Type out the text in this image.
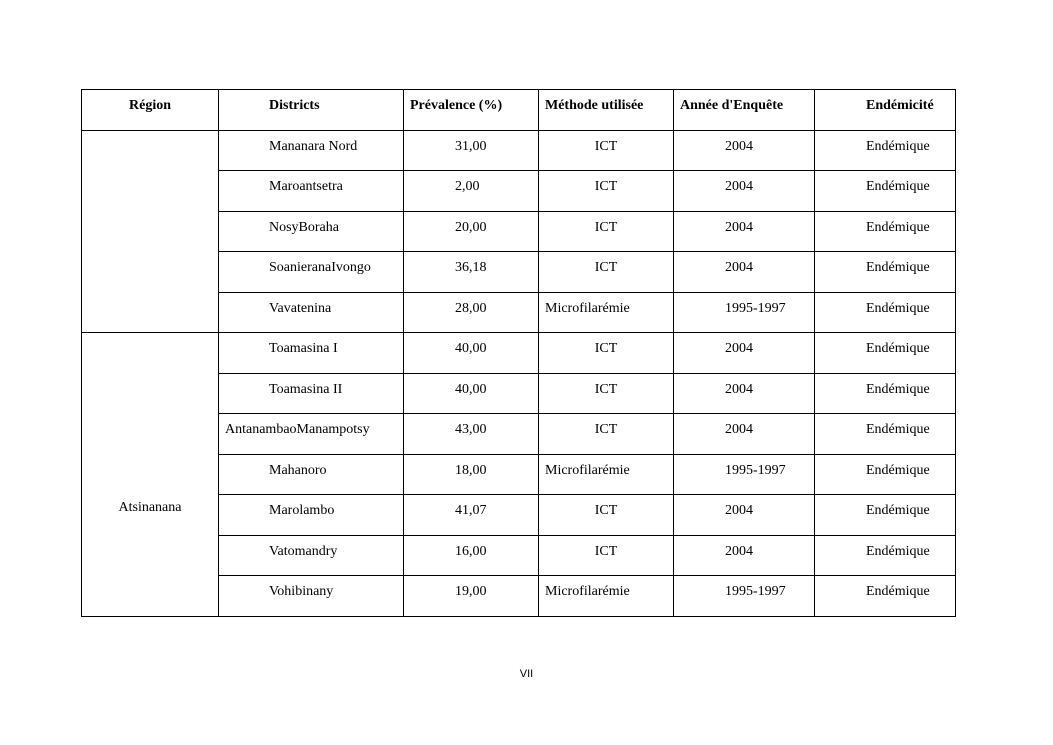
Région	Districts	Prévalence (%)	Méthode utilisée	Année d'Enquête	Endémicité
	Mananara Nord	31,00	ICT	2004	Endémique
	Maroantsetra	2,00	ICT	2004	Endémique
	NosyBoraha	20,00	ICT	2004	Endémique
	SoanieranaIvongo	36,18	ICT	2004	Endémique
	Vavatenina	28,00	Microfilarémie	1995-1997	Endémique
Atsinanana	Toamasina I	40,00	ICT	2004	Endémique
	Toamasina II	40,00	ICT	2004	Endémique
	AntanambaoManampotsy	43,00	ICT	2004	Endémique
	Mahanoro	18,00	Microfilarémie	1995-1997	Endémique
	Marolambo	41,07	ICT	2004	Endémique
	Vatomandry	16,00	ICT	2004	Endémique
	Vohibinany	19,00	Microfilarémie	1995-1997	Endémique
VII
